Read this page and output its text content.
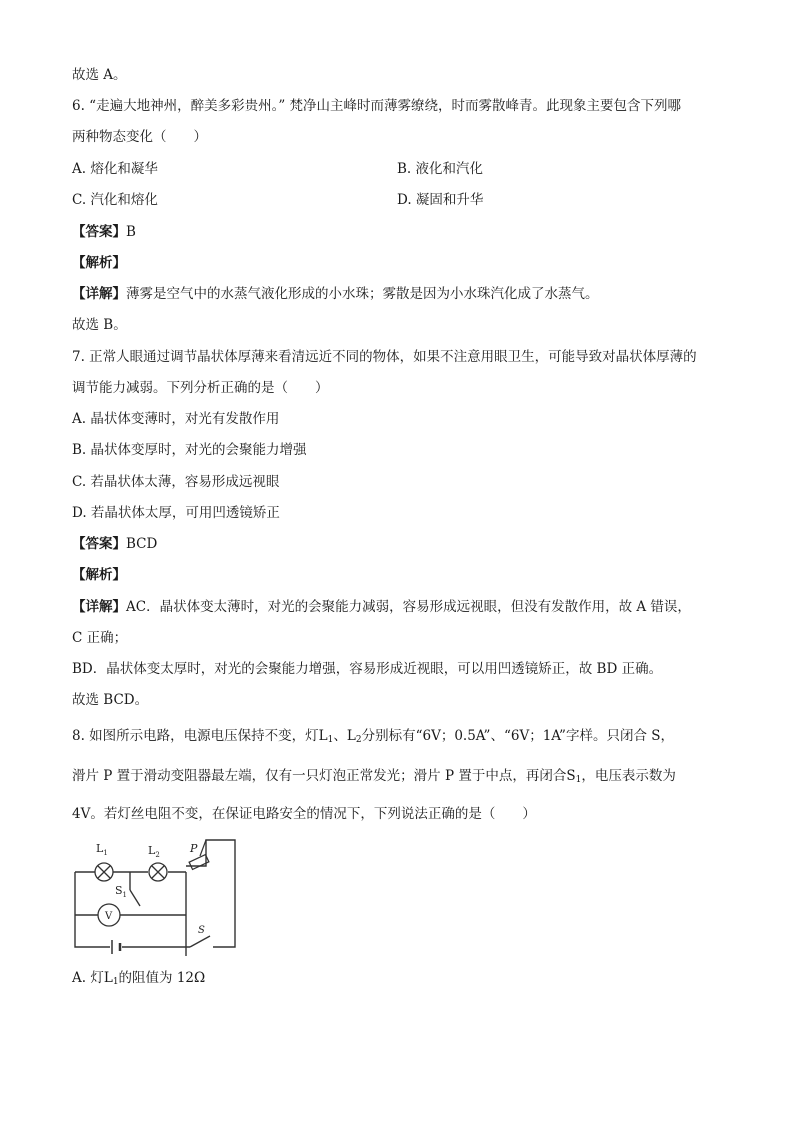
故选 A。
6. “走遍大地神州，醉美多彩贵州。” 梵净山主峰时而薄雾缭绕，时而雾散峰青。此现象主要包含下列哪
两种物态变化（　　）
A. 熔化和凝华	B. 液化和汽化
C. 汽化和熔化	D. 凝固和升华
【答案】B
【解析】
【详解】薄雾是空气中的水蒸气液化形成的小水珠；雾散是因为小水珠汽化成了水蒸气。
故选 B。
7. 正常人眼通过调节晶状体厚薄来看清远近不同的物体，如果不注意用眼卫生，可能导致对晶状体厚薄的
调节能力减弱。下列分析正确的是（　　）
A. 晶状体变薄时，对光有发散作用
B. 晶状体变厚时，对光的会聚能力增强
C. 若晶状体太薄，容易形成远视眼
D. 若晶状体太厚，可用凹透镜矫正
【答案】BCD
【解析】
【详解】AC．晶状体变太薄时，对光的会聚能力减弱，容易形成远视眼，但没有发散作用，故 A 错误，
C 正确；
BD．晶状体变太厚时，对光的会聚能力增强，容易形成近视眼，可以用凹透镜矫正，故 BD 正确。
故选 BCD。
8. 如图所示电路，电源电压保持不变，灯$L_1$、$L_2$分别标有“6V；0.5A”、“6V；1A”字样。只闭合 S，
滑片 P 置于滑动变阻器最左端，仅有一只灯泡正常发光；滑片 P 置于中点，再闭合$S_1$，电压表示数为
4V。若灯丝电阻不变，在保证电路安全的情况下，下列说法正确的是（　　）
$L_1$	$L_2$
$S_1$
V
P
S
A. 灯$L_1$的阻值为 12Ω
